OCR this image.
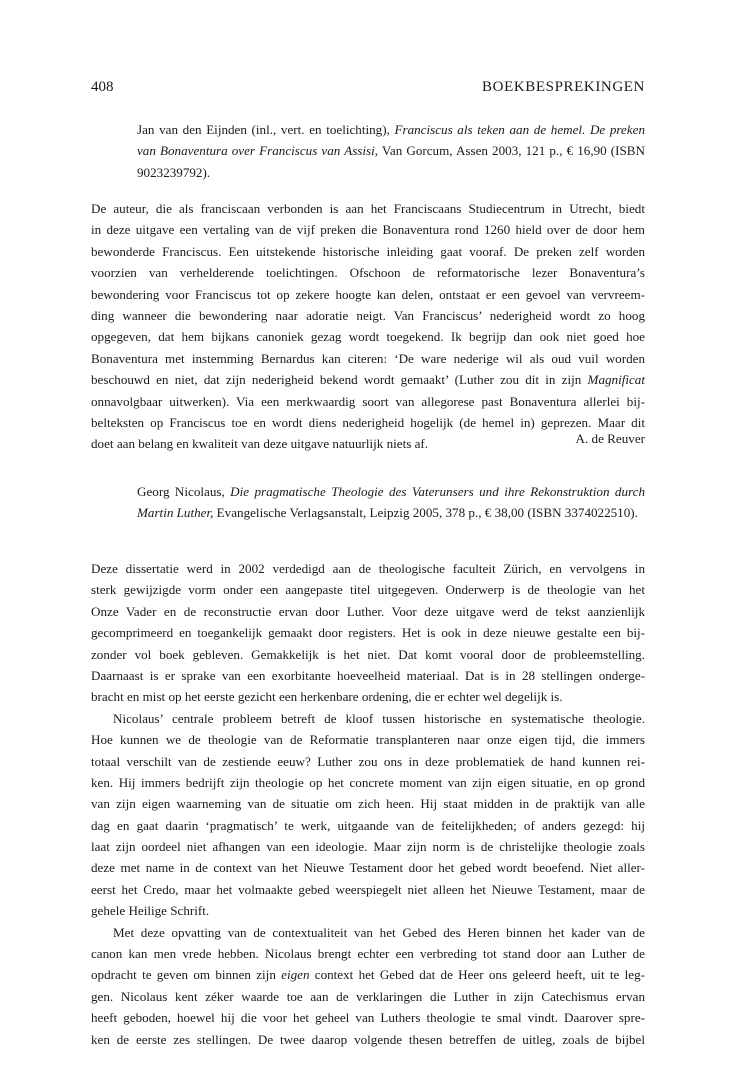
408	BOEKBESPREKINGEN
Jan van den Eijnden (inl., vert. en toelichting), Franciscus als teken aan de hemel. De preken van Bonaventura over Franciscus van Assisi, Van Gorcum, Assen 2003, 121 p., € 16,90 (ISBN 9023239792).
De auteur, die als franciscaan verbonden is aan het Franciscaans Studiecentrum in Utrecht, biedt
in deze uitgave een vertaling van de vijf preken die Bonaventura rond 1260 hield over de door hem
bewonderde Franciscus. Een uitstekende historische inleiding gaat vooraf. De preken zelf worden
voorzien van verhelderende toelichtingen. Ofschoon de reformatorische lezer Bonaventura’s
bewondering voor Franciscus tot op zekere hoogte kan delen, ontstaat er een gevoel van vervreem-
ding wanneer die bewondering naar adoratie neigt. Van Franciscus’ nederigheid wordt zo hoog
opgegeven, dat hem bijkans canoniek gezag wordt toegekend. Ik begrijp dan ook niet goed hoe
Bonaventura met instemming Bernardus kan citeren: ‘De ware nederige wil als oud vuil worden
beschouwd en niet, dat zijn nederigheid bekend wordt gemaakt’ (Luther zou dit in zijn Magnificat
onnavolgbaar uitwerken). Via een merkwaardig soort van allegorese past Bonaventura allerlei bij-
belteksten op Franciscus toe en wordt diens nederigheid hogelijk (de hemel in) geprezen. Maar dit
doet aan belang en kwaliteit van deze uitgave natuurlijk niets af.	A. de Reuver
Georg Nicolaus, Die pragmatische Theologie des Vaterunsers und ihre Rekonstruktion durch Martin Luther, Evangelische Verlagsanstalt, Leipzig 2005, 378 p., € 38,00 (ISBN 3374022510).
Deze dissertatie werd in 2002 verdedigd aan de theologische faculteit Zürich, en vervolgens in
sterk gewijzigde vorm onder een aangepaste titel uitgegeven. Onderwerp is de theologie van het
Onze Vader en de reconstructie ervan door Luther. Voor deze uitgave werd de tekst aanzienlijk
gecomprimeerd en toegankelijk gemaakt door registers. Het is ook in deze nieuwe gestalte een bij-
zonder vol boek gebleven. Gemakkelijk is het niet. Dat komt vooral door de probleemstelling.
Daarnaast is er sprake van een exorbitante hoeveelheid materiaal. Dat is in 28 stellingen onderge-
bracht en mist op het eerste gezicht een herkenbare ordening, die er echter wel degelijk is.
Nicolaus’ centrale probleem betreft de kloof tussen historische en systematische theologie.
Hoe kunnen we de theologie van de Reformatie transplanteren naar onze eigen tijd, die immers
totaal verschilt van de zestiende eeuw? Luther zou ons in deze problematiek de hand kunnen rei-
ken. Hij immers bedrijft zijn theologie op het concrete moment van zijn eigen situatie, en op grond
van zijn eigen waarneming van de situatie om zich heen. Hij staat midden in de praktijk van alle
dag en gaat daarin ‘pragmatisch’ te werk, uitgaande van de feitelijkheden; of anders gezegd: hij
laat zijn oordeel niet afhangen van een ideologie. Maar zijn norm is de christelijke theologie zoals
deze met name in de context van het Nieuwe Testament door het gebed wordt beoefend. Niet aller-
eerst het Credo, maar het volmaakte gebed weerspiegelt niet alleen het Nieuwe Testament, maar de
gehele Heilige Schrift.
Met deze opvatting van de contextualiteit van het Gebed des Heren binnen het kader van de
canon kan men vrede hebben. Nicolaus brengt echter een verbreding tot stand door aan Luther de
opdracht te geven om binnen zijn eigen context het Gebed dat de Heer ons geleerd heeft, uit te leg-
gen. Nicolaus kent zéker waarde toe aan de verklaringen die Luther in zijn Catechismus ervan
heeft geboden, hoewel hij die voor het geheel van Luthers theologie te smal vindt. Daarover spre-
ken de eerste zes stellingen. De twee daarop volgende thesen betreffen de uitleg, zoals de bijbel
